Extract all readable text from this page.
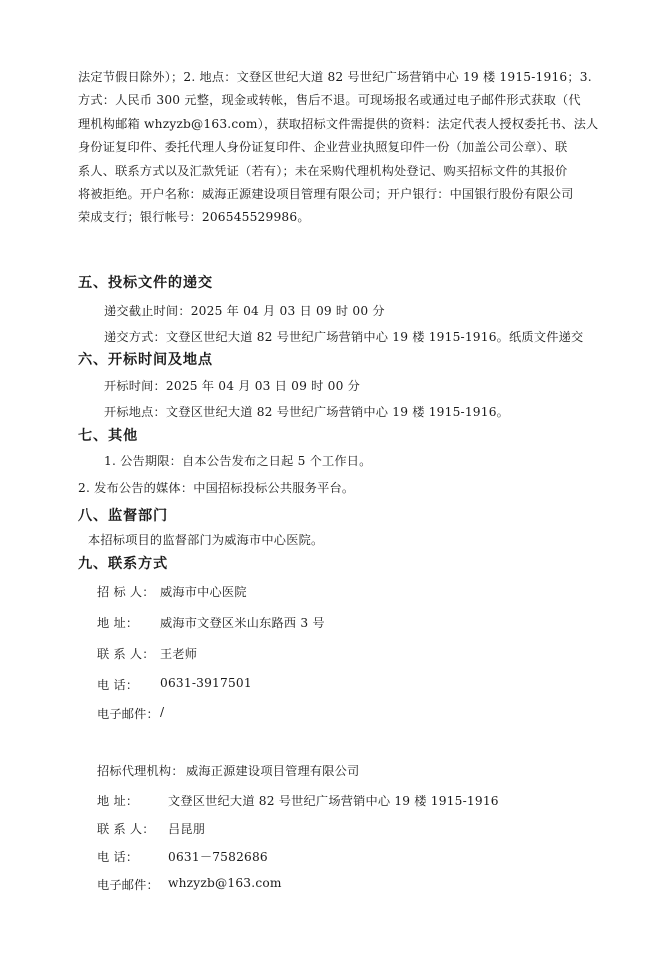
法定节假日除外）；2. 地点：文登区世纪大道 82 号世纪广场营销中心 19 楼 1915-1916；3.
方式：人民币 300 元整，现金或转帐，售后不退。可现场报名或通过电子邮件形式获取（代
理机构邮箱 whzyzb@163.com），获取招标文件需提供的资料：法定代表人授权委托书、法人
身份证复印件、委托代理人身份证复印件、企业营业执照复印件一份（加盖公司公章）、联
系人、联系方式以及汇款凭证（若有）；未在采购代理机构处登记、购买招标文件的其报价
将被拒绝。开户名称：威海正源建设项目管理有限公司；开户银行：中国银行股份有限公司
荣成支行；银行帐号：206545529986。
五、投标文件的递交

递交截止时间：2025 年 04 月 03 日 09 时 00 分

递交方式：文登区世纪大道 82 号世纪广场营销中心 19 楼 1915-1916。纸质文件递交

六、开标时间及地点

开标时间：2025 年 04 月 03 日 09 时 00 分

开标地点：文登区世纪大道 82 号世纪广场营销中心 19 楼 1915-1916。

七、其他

1. 公告期限：自本公告发布之日起 5 个工作日。

2. 发布公告的媒体：中国招标投标公共服务平台。

八、监督部门

本招标项目的监督部门为威海市中心医院。

九、联系方式
招 标 人： 威海市中心医院
地 址： 威海市文登区米山东路西 3 号
联 系 人： 王老师
电 话： 0631-3917501
电子邮件： /
招标代理机构： 威海正源建设项目管理有限公司
地 址： 文登区世纪大道 82 号世纪广场营销中心 19 楼 1915-1916
联 系 人： 吕昆朋
电 话： 0631－7582686
电子邮件： whzyzb@163.com
